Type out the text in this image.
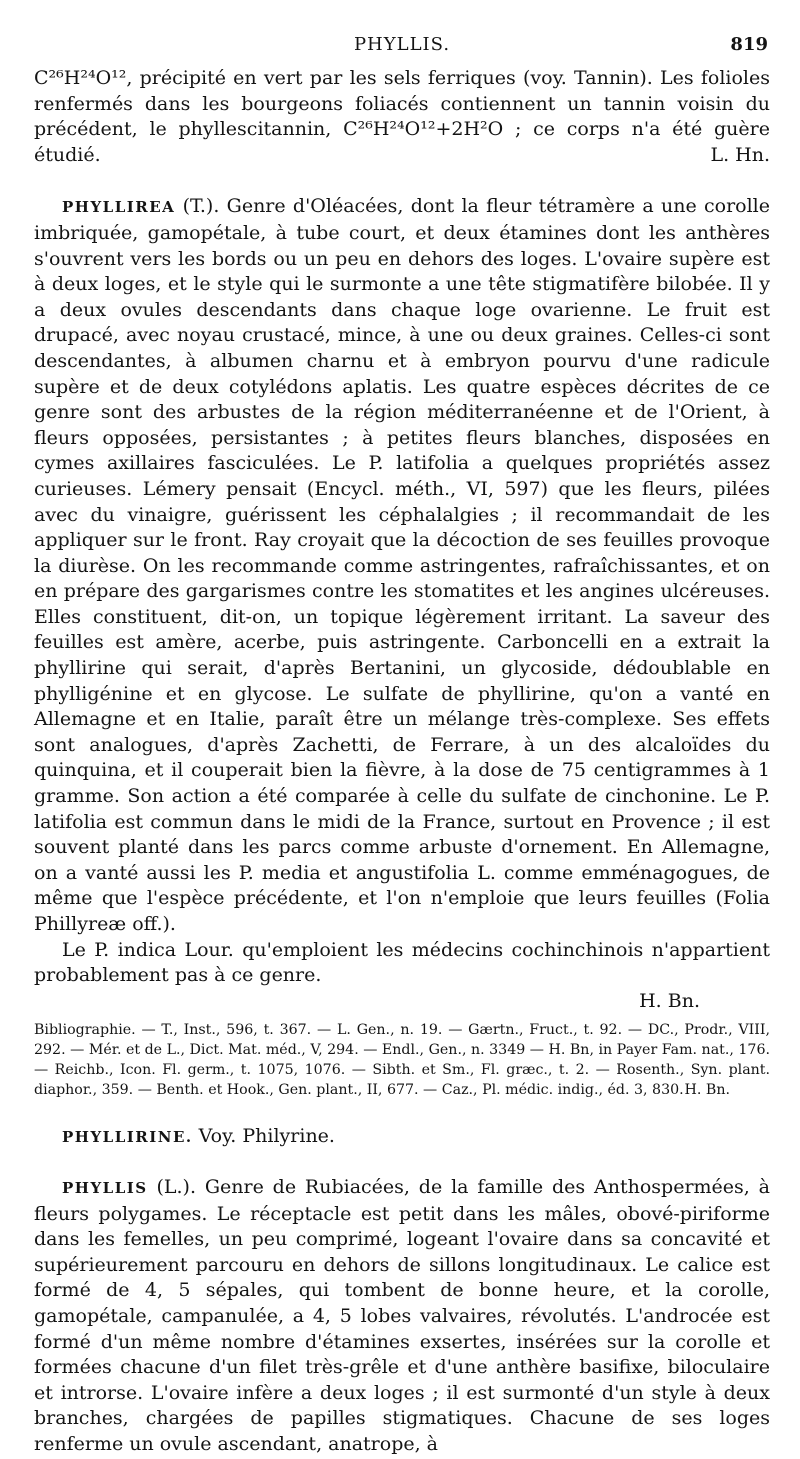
PHYLLIS.	819

C²⁶H²⁴O¹², précipité en vert par les sels ferriques (voy. Tannin). Les folioles renfermés dans les bourgeons foliacés contiennent un tannin voisin du précédent, le phyllescitannin, C²⁶H²⁴O¹²+2H²O ; ce corps n'a été guère étudié.	L. Hn.

PHYLLIREA (T.). Genre d'Oléacées, dont la fleur tétramère a une corolle imbriquée, gamopétale, à tube court, et deux étamines dont les anthères s'ouvrent vers les bords ou un peu en dehors des loges. L'ovaire supère est à deux loges, et le style qui le surmonte a une tête stigmatifère bilobée. Il y a deux ovules descendants dans chaque loge ovarienne. Le fruit est drupacé, avec noyau crustacé, mince, à une ou deux graines. Celles-ci sont descendantes, à albumen charnu et à embryon pourvu d'une radicule supère et de deux cotylédons aplatis. Les quatre espèces décrites de ce genre sont des arbustes de la région méditerranéenne et de l'Orient, à fleurs opposées, persistantes ; à petites fleurs blanches, disposées en cymes axillaires fasciculées. Le P. latifolia a quelques propriétés assez curieuses. Lémery pensait (Encycl. méth., VI, 597) que les fleurs, pilées avec du vinaigre, guérissent les céphalalgies ; il recommandait de les appliquer sur le front. Ray croyait que la décoction de ses feuilles provoque la diurèse. On les recommande comme astringentes, rafraîchissantes, et on en prépare des gargarismes contre les stomatites et les angines ulcéreuses. Elles constituent, dit-on, un topique légèrement irritant. La saveur des feuilles est amère, acerbe, puis astringente. Carboncelli en a extrait la phyllirine qui serait, d'après Bertanini, un glycoside, dédoublable en phylligénine et en glycose. Le sulfate de phyllirine, qu'on a vanté en Allemagne et en Italie, paraît être un mélange très-complexe. Ses effets sont analogues, d'après Zachetti, de Ferrare, à un des alcaloïdes du quinquina, et il couperait bien la fièvre, à la dose de 75 centigrammes à 1 gramme. Son action a été comparée à celle du sulfate de cinchonine. Le P. latifolia est commun dans le midi de la France, surtout en Provence ; il est souvent planté dans les parcs comme arbuste d'ornement. En Allemagne, on a vanté aussi les P. media et angustifolia L. comme emménagogues, de même que l'espèce précédente, et l'on n'emploie que leurs feuilles (Folia Phillyreæ off.).

Le P. indica Lour. qu'emploient les médecins cochinchinois n'appartient probablement pas à ce genre.
H. Bn.

Bibliographie. — T., Inst., 596, t. 367. — L. Gen., n. 19. — Gærtn., Fruct., t. 92. — DC., Prodr., VIII, 292. — Mér. et de L., Dict. Mat. méd., V, 294. — Endl., Gen., n. 3349 — H. Bn, in Payer Fam. nat., 176. — Reichb., Icon. Fl. germ., t. 1075, 1076. — Sibth. et Sm., Fl. græc., t. 2. — Rosenth., Syn. plant. diaphor., 359. — Benth. et Hook., Gen. plant., II, 677. — Caz., Pl. médic. indig., éd. 3, 830. H. Bn.

PHYLLIRINE. Voy. Philyrine.

PHYLLIS (L.). Genre de Rubiacées, de la famille des Anthospermées, à fleurs polygames. Le réceptacle est petit dans les mâles, obové-piriforme dans les femelles, un peu comprimé, logeant l'ovaire dans sa concavité et supérieurement parcouru en dehors de sillons longitudinaux. Le calice est formé de 4, 5 sépales, qui tombent de bonne heure, et la corolle, gamopétale, campanulée, a 4, 5 lobes valvaires, révolutés. L'androcée est formé d'un même nombre d'étamines exsertes, insérées sur la corolle et formées chacune d'un filet très-grêle et d'une anthère basifixe, biloculaire et introrse. L'ovaire infère a deux loges ; il est surmonté d'un style à deux branches, chargées de papilles stigmatiques. Chacune de ses loges renferme un ovule ascendant, anatrope, à
